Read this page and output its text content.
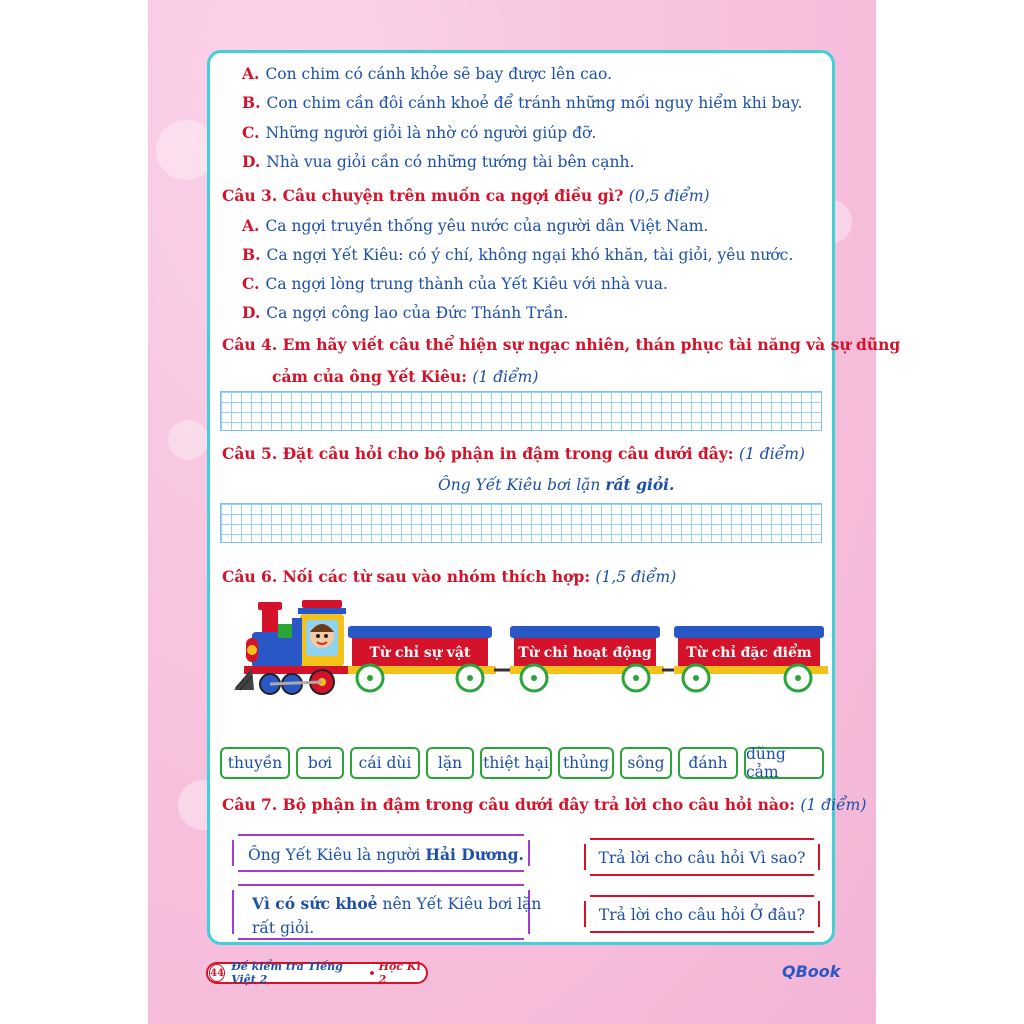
A. Con chim có cánh khỏe sẽ bay được lên cao.
B. Con chim cần đôi cánh khoẻ để tránh những mối nguy hiểm khi bay.
C. Những người giỏi là nhờ có người giúp đỡ.
D. Nhà vua giỏi cần có những tướng tài bên cạnh.
Câu 3. Câu chuyện trên muốn ca ngợi điều gì? (0,5 điểm)
A. Ca ngợi truyền thống yêu nước của người dân Việt Nam.
B. Ca ngợi Yết Kiêu: có ý chí, không ngại khó khăn, tài giỏi, yêu nước.
C. Ca ngợi lòng trung thành của Yết Kiêu với nhà vua.
D. Ca ngợi công lao của Đức Thánh Trần.
Câu 4. Em hãy viết câu thể hiện sự ngạc nhiên, thán phục tài năng và sự dũng
cảm của ông Yết Kiêu: (1 điểm)
Câu 5. Đặt câu hỏi cho bộ phận in đậm trong câu dưới đây: (1 điểm)
Ông Yết Kiêu bơi lặn rất giỏi.
Câu 6. Nối các từ sau vào nhóm thích hợp: (1,5 điểm)
Từ chỉ sự vật	Từ chỉ hoạt động Từ chỉ đặc điểm
thuyền	bơi	cái dùi	lặn	thiệt hại thủng	sông	đánh	dũng cảm
Câu 7. Bộ phận in đậm trong câu dưới đây trả lời cho câu hỏi nào: (1 điểm)
Ông Yết Kiêu là người Hải Dương.
Vì có sức khoẻ nên Yết Kiêu bơi lặn
rất giỏi.
Trả lời cho câu hỏi Vì sao?
Trả lời cho câu hỏi Ở đâu?
44 Đề kiểm tra Tiếng Việt 2	• Học Kì 2	QBook
